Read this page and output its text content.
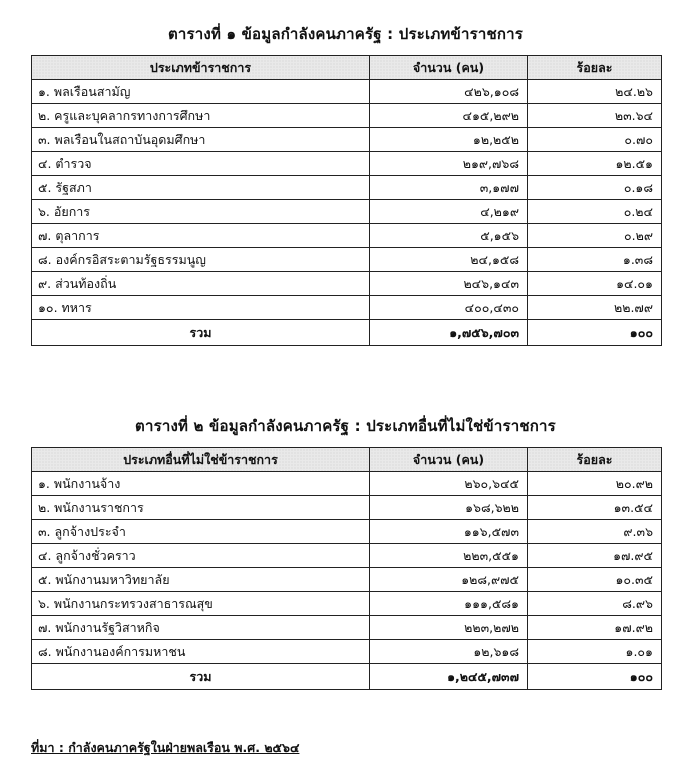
ตารางที่ ๑ ข้อมูลกำลังคนภาครัฐ : ประเภทข้าราชการ
ประเภทข้าราชการ	จำนวน (คน)	ร้อยละ
๑. พลเรือนสามัญ	๔๒๖,๑๐๘	๒๔.๒๖
๒. ครูและบุคลากรทางการศึกษา	๔๑๕,๒๙๒	๒๓.๖๔
๓. พลเรือนในสถาบันอุดมศึกษา	๑๒,๒๕๒	๐.๗๐
๔. ตำรวจ	๒๑๙,๗๖๘	๑๒.๕๑
๕. รัฐสภา	๓,๑๗๗	๐.๑๘
๖. อัยการ	๔,๒๑๙	๐.๒๔
๗. ตุลาการ	๕,๑๕๖	๐.๒๙
๘. องค์กรอิสระตามรัฐธรรมนูญ	๒๔,๑๕๘	๑.๓๘
๙. ส่วนท้องถิ่น	๒๔๖,๑๔๓	๑๔.๐๑
๑๐. ทหาร	๔๐๐,๔๓๐	๒๒.๗๙
รวม	๑,๗๕๖,๗๐๓	๑๐๐
ตารางที่ ๒ ข้อมูลกำลังคนภาครัฐ : ประเภทอื่นที่ไม่ใช่ข้าราชการ
ประเภทอื่นที่ไม่ใช่ข้าราชการ	จำนวน (คน)	ร้อยละ
๑. พนักงานจ้าง	๒๖๐,๖๔๕	๒๐.๙๒
๒. พนักงานราชการ	๑๖๘,๖๒๒	๑๓.๕๔
๓. ลูกจ้างประจำ	๑๑๖,๕๗๓	๙.๓๖
๔. ลูกจ้างชั่วคราว	๒๒๓,๕๕๑	๑๗.๙๕
๕. พนักงานมหาวิทยาลัย	๑๒๘,๙๗๕	๑๐.๓๕
๖. พนักงานกระทรวงสาธารณสุข	๑๑๑,๕๘๑	๘.๙๖
๗. พนักงานรัฐวิสาหกิจ	๒๒๓,๒๗๒	๑๗.๙๒
๘. พนักงานองค์การมหาชน	๑๒,๖๑๘	๑.๐๑
รวม	๑,๒๔๕,๗๓๗	๑๐๐
ที่มา : กำลังคนภาครัฐในฝ่ายพลเรือน พ.ศ. ๒๕๖๔
